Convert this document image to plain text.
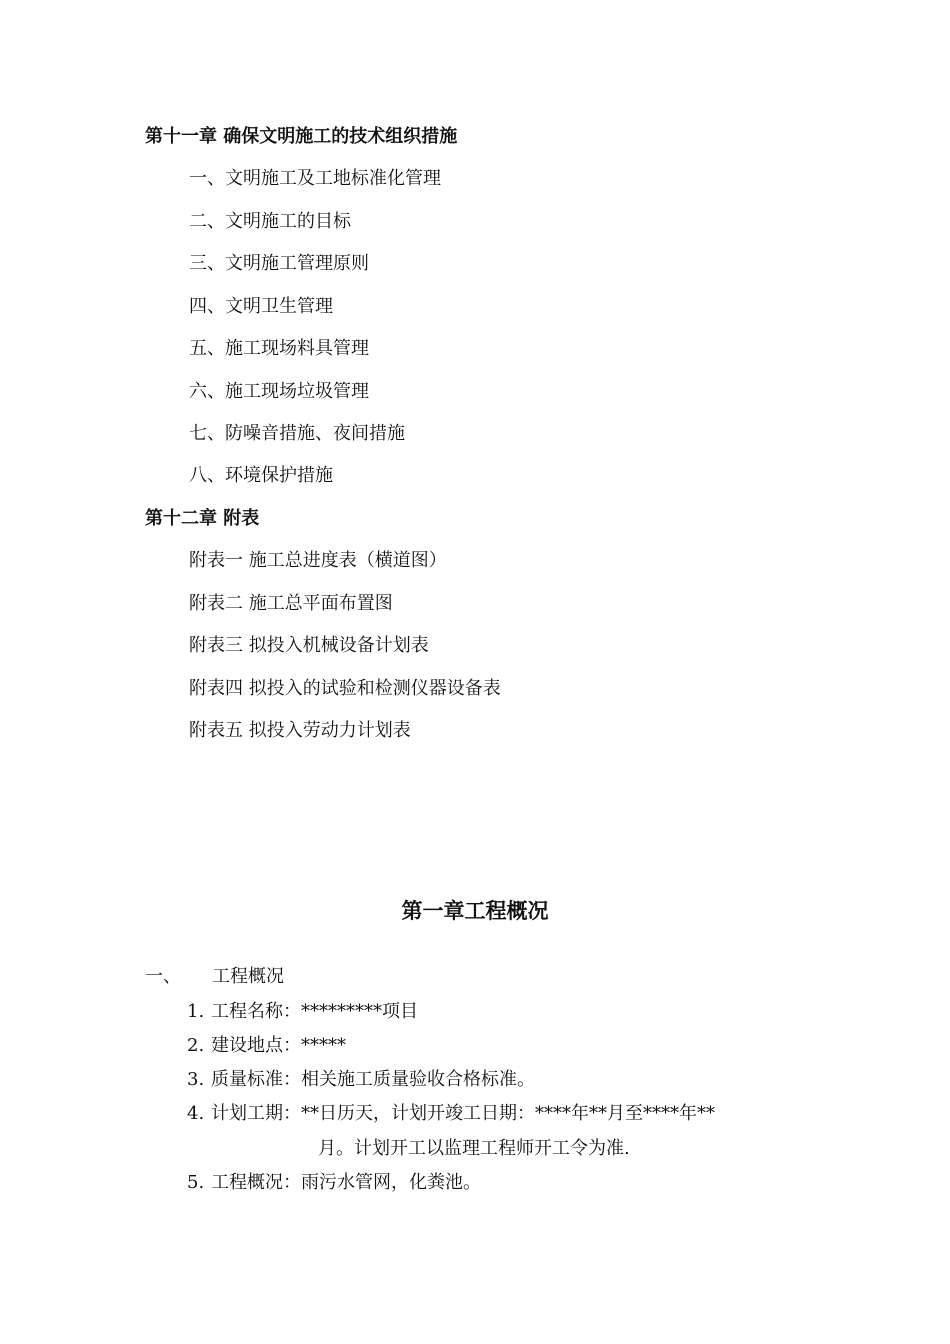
第十一章 确保文明施工的技术组织措施
一、文明施工及工地标准化管理
二、文明施工的目标
三、文明施工管理原则
四、文明卫生管理
五、施工现场料具管理
六、施工现场垃圾管理
七、防噪音措施、夜间措施
八、环境保护措施
第十二章 附表
附表一 施工总进度表（横道图）
附表二 施工总平面布置图
附表三 拟投入机械设备计划表
附表四 拟投入的试验和检测仪器设备表
附表五 拟投入劳动力计划表
第一章工程概况
一、 工程概况
1. 工程名称：*********项目
2. 建设地点：*****
3. 质量标准：相关施工质量验收合格标准。
4. 计划工期：**日历天，计划开竣工日期：****年**月至****年**
月。计划开工以监理工程师开工令为准.
5. 工程概况：雨污水管网，化粪池。
